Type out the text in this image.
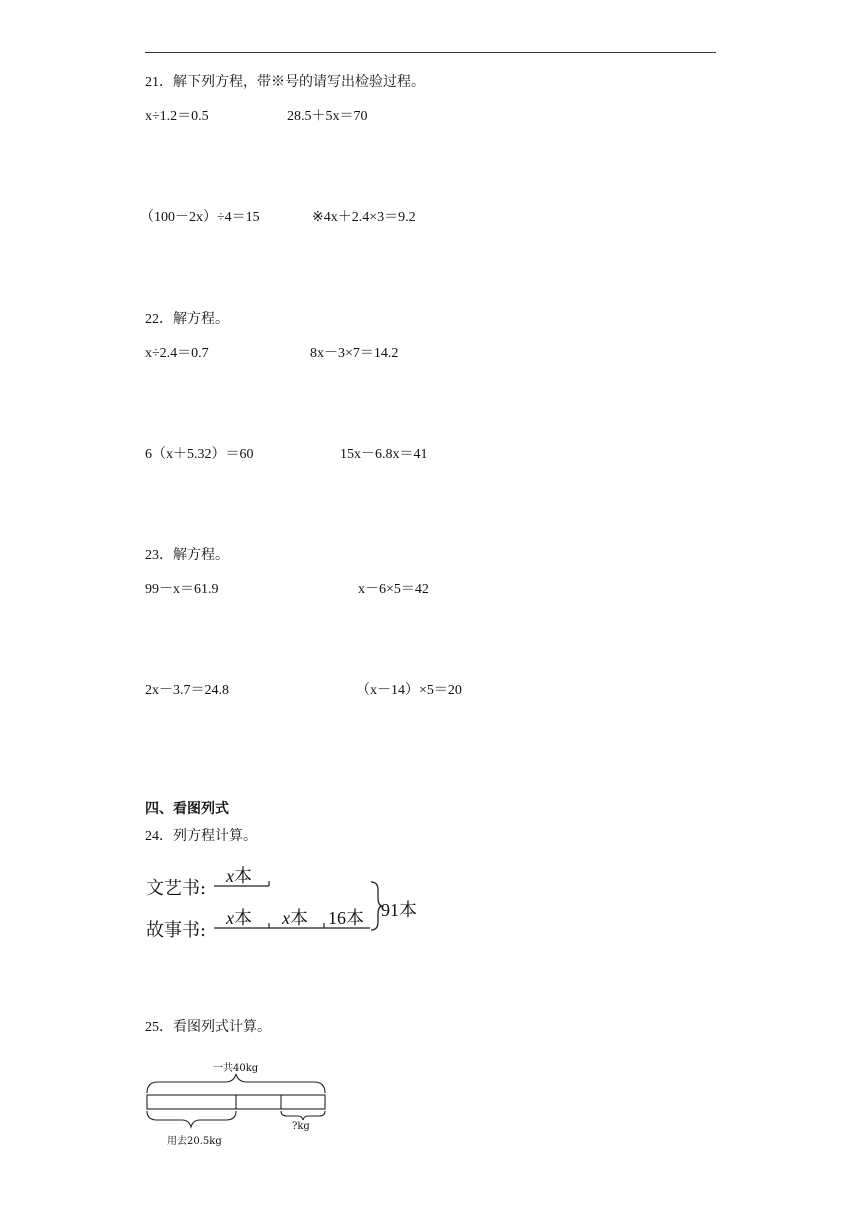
21．解下列方程，带※号的请写出检验过程。
x÷1.2＝0.5	28.5＋5x＝70
（100－2x）÷4＝15	※4x＋2.4×3＝9.2
22．解方程。
x÷2.4＝0.7	8x－3×7＝14.2
6（x＋5.32）＝60	15x－6.8x＝41
23．解方程。
99－x＝61.9	x－6×5＝42
2x－3.7＝24.8	（x－14）×5＝20
四、看图列式
24．列方程计算。
文艺书:
故事书:
x本
x本 x本 16本 91本
25．看图列式计算。
一共40kg
用去20.5kg
?kg
